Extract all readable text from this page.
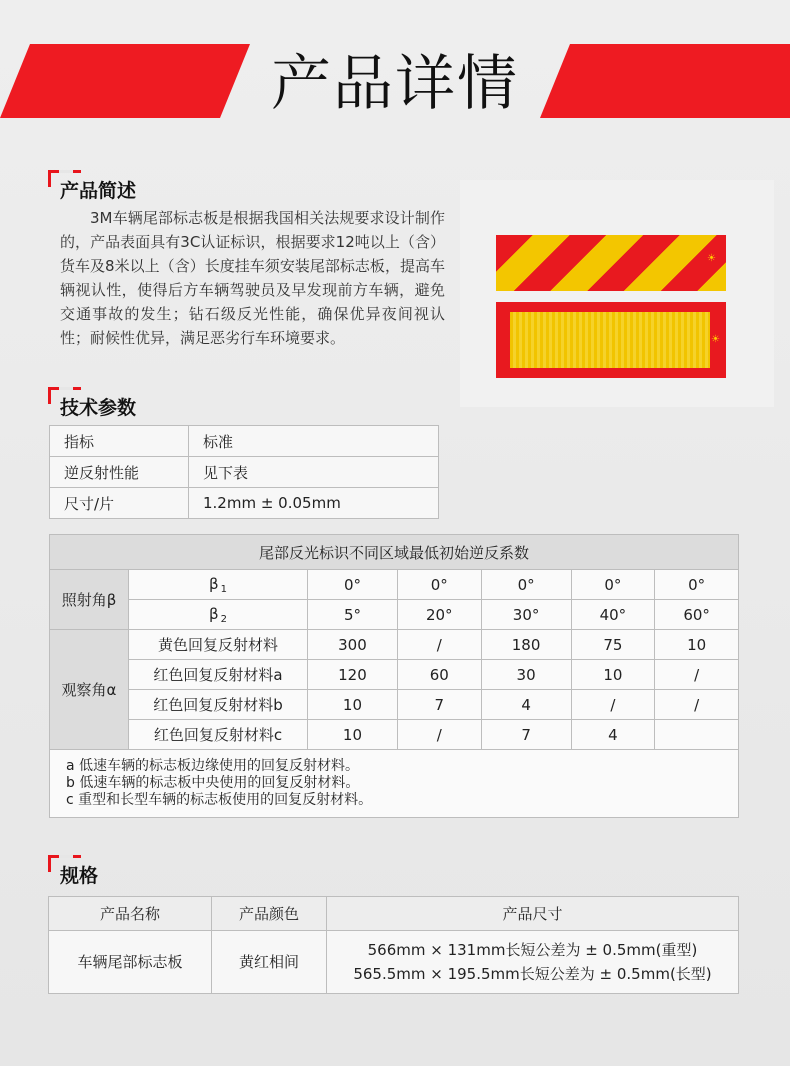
产品详情
产品简述
3M车辆尾部标志板是根据我国相关法规要求设计制作的，产品表面具有3C认证标识，根据要求12吨以上（含）货车及8米以上（含）长度挂车须安装尾部标志板，提高车辆视认性，使得后方车辆驾驶员及早发现前方车辆，避免交通事故的发生；钻石级反光性能，确保优异夜间视认性；耐候性优异，满足恶劣行车环境要求。
☀
☀
技术参数
指标	标准
逆反射性能	见下表
尺寸/片	1.2mm ± 0.05mm
尾部反光标识不同区域最低初始逆反系数						
照射角β	β $_1$	0°	0°	0°	0°	0°
	β $_2$	5°	20°	30°	40°	60°
观察角α	黄色回复反射材料	300	/	180	75	10
	红色回复反射材料a	120	60	30	10	/
	红色回复反射材料b	10	7	4	/	/
	红色回复反射材料c	10	/	7	4	

a 低速车辆的标志板边缘使用的回复反射材料。
b 低速车辆的标志板中央使用的回复反射材料。
c 重型和长型车辆的标志板使用的回复反射材料。						
规格
产品名称	产品颜色	产品尺寸
车辆尾部标志板	黄红相间	566mm × 131mm长短公差为 ± 0.5mm(重型)
565.5mm × 195.5mm长短公差为 ± 0.5mm(长型)
